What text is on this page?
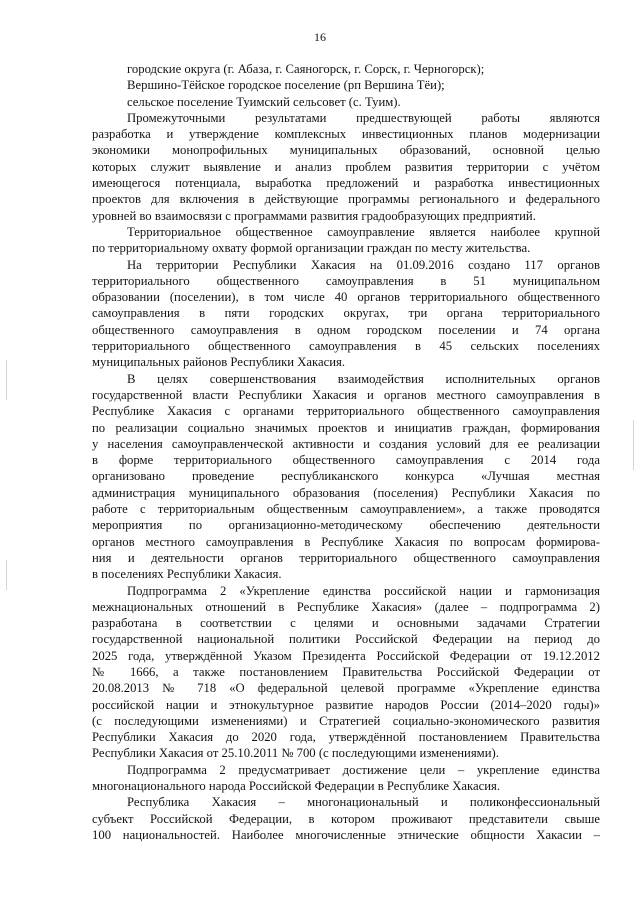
16
городские округа (г. Абаза, г. Саяногорск, г. Сорск, г. Черногорск);
Вершино-Тёйское городское поселение (рп Вершина Тёи);
сельское поселение Туимский сельсовет (с. Туим).
Промежуточными результатами предшествующей работы являются
разработка и утверждение комплексных инвестиционных планов модернизации
экономики монопрофильных муниципальных образований, основной целью
которых служит выявление и анализ проблем развития территории с учётом
имеющегося потенциала, выработка предложений и разработка инвестиционных
проектов для включения в действующие программы регионального и федерального
уровней во взаимосвязи с программами развития градообразующих предприятий.
Территориальное общественное самоуправление является наиболее крупной
по территориальному охвату формой организации граждан по месту жительства.
На территории Республики Хакасия на 01.09.2016 создано 117 органов
территориального общественного самоуправления в 51 муниципальном
образовании (поселении), в том числе 40 органов территориального общественного
самоуправления в пяти городских округах, три органа территориального
общественного самоуправления в одном городском поселении и 74 органа
территориального общественного самоуправления в 45 сельских поселениях
муниципальных районов Республики Хакасия.
В целях совершенствования взаимодействия исполнительных органов
государственной власти Республики Хакасия и органов местного самоуправления в
Республике Хакасия с органами территориального общественного самоуправления
по реализации социально значимых проектов и инициатив граждан, формирования
у населения самоуправленческой активности и создания условий для ее реализации
в форме территориального общественного самоуправления с 2014 года
организовано проведение республиканского конкурса «Лучшая местная
администрация муниципального образования (поселения) Республики Хакасия по
работе с территориальным общественным самоуправлением», а также проводятся
мероприятия по организационно-методическому обеспечению деятельности
органов местного самоуправления в Республике Хакасия по вопросам формирова-
ния и деятельности органов территориального общественного самоуправления
в поселениях Республики Хакасия.
Подпрограмма 2 «Укрепление единства российской нации и гармонизация
межнациональных отношений в Республике Хакасия» (далее – подпрограмма 2)
разработана в соответствии с целями и основными задачами Стратегии
государственной национальной политики Российской Федерации на период до
2025 года, утверждённой Указом Президента Российской Федерации от 19.12.2012
№ 1666, а также постановлением Правительства Российской Федерации от
20.08.2013 № 718 «О федеральной целевой программе «Укрепление единства
российской нации и этнокультурное развитие народов России (2014–2020 годы)»
(с последующими изменениями) и Стратегией социально-экономического развития
Республики Хакасия до 2020 года, утверждённой постановлением Правительства
Республики Хакасия от 25.10.2011 № 700 (с последующими изменениями).
Подпрограмма 2 предусматривает достижение цели – укрепление единства
многонационального народа Российской Федерации в Республике Хакасия.
Республика Хакасия – многонациональный и поликонфессиональный
субъект Российской Федерации, в котором проживают представители свыше
100 национальностей. Наиболее многочисленные этнические общности Хакасии –
